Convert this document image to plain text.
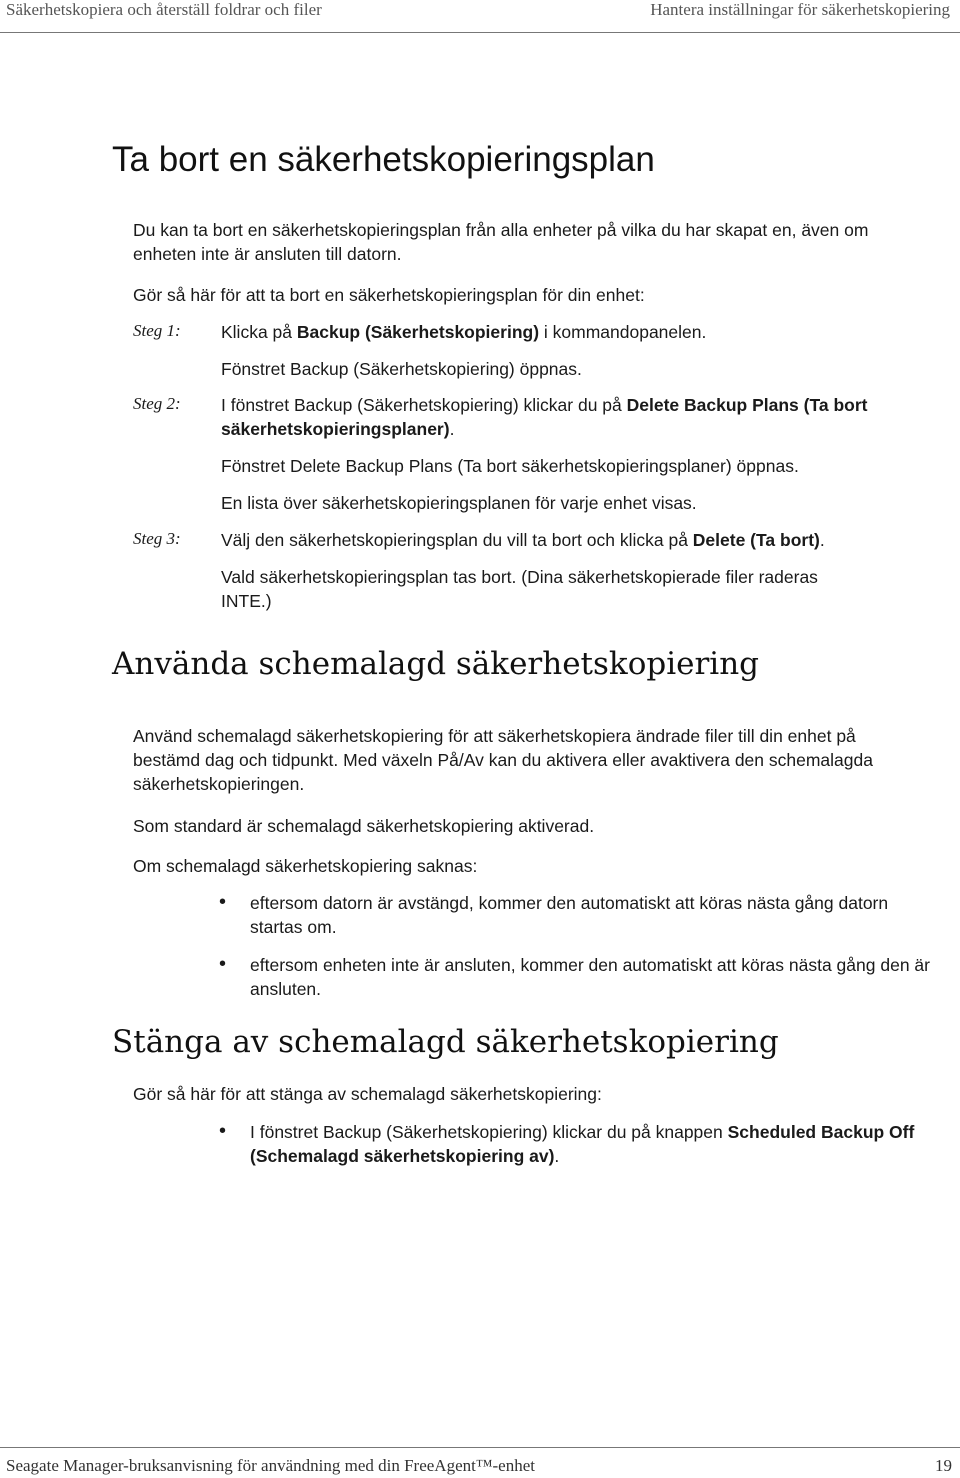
Säkerhetskopiera och återställ foldrar och filer	Hantera inställningar för säkerhetskopiering
Ta bort en säkerhetskopieringsplan
Du kan ta bort en säkerhetskopieringsplan från alla enheter på vilka du har skapat en, även om enheten inte är ansluten till datorn.
Gör så här för att ta bort en säkerhetskopieringsplan för din enhet:
Steg 1: Klicka på Backup (Säkerhetskopiering) i kommandopanelen.
Fönstret Backup (Säkerhetskopiering) öppnas.
Steg 2: I fönstret Backup (Säkerhetskopiering) klickar du på Delete Backup Plans (Ta bort säkerhetskopieringsplaner).
Fönstret Delete Backup Plans (Ta bort säkerhetskopieringsplaner) öppnas.
En lista över säkerhetskopieringsplanen för varje enhet visas.
Steg 3: Välj den säkerhetskopieringsplan du vill ta bort och klicka på Delete (Ta bort).
Vald säkerhetskopieringsplan tas bort. (Dina säkerhetskopierade filer raderas INTE.)
Använda schemalagd säkerhetskopiering
Använd schemalagd säkerhetskopiering för att säkerhetskopiera ändrade filer till din enhet på bestämd dag och tidpunkt. Med växeln På/Av kan du aktivera eller avaktivera den schemalagda säkerhetskopieringen.
Som standard är schemalagd säkerhetskopiering aktiverad.
Om schemalagd säkerhetskopiering saknas:
• eftersom datorn är avstängd, kommer den automatiskt att köras nästa gång datorn startas om.
• eftersom enheten inte är ansluten, kommer den automatiskt att köras nästa gång den är ansluten.
Stänga av schemalagd säkerhetskopiering
Gör så här för att stänga av schemalagd säkerhetskopiering:
• I fönstret Backup (Säkerhetskopiering) klickar du på knappen Scheduled Backup Off (Schemalagd säkerhetskopiering av).
Seagate Manager-bruksanvisning för användning med din FreeAgent™-enhet	19
